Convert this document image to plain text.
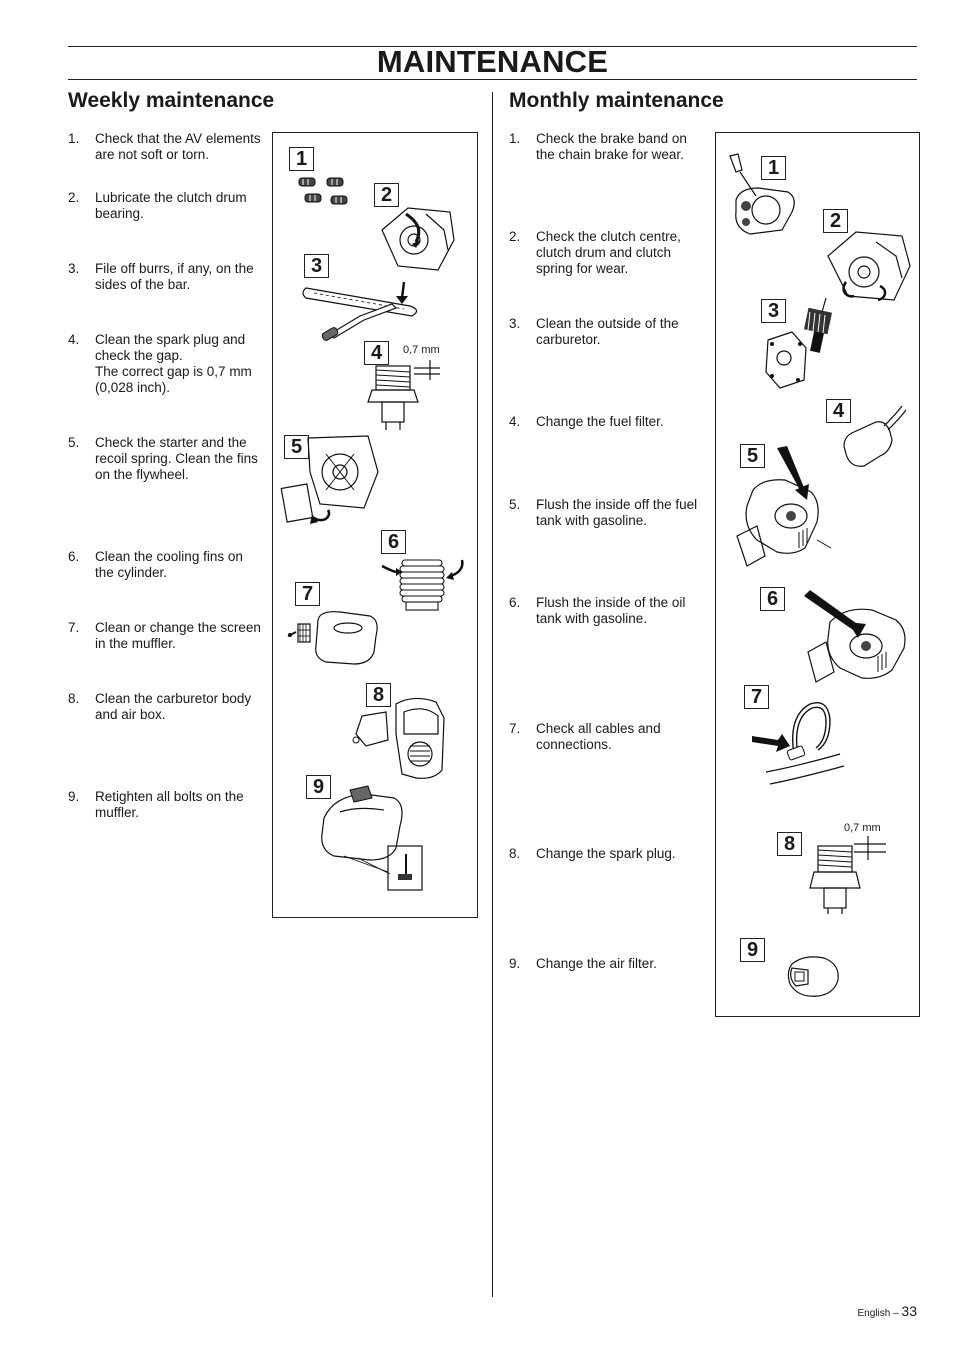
MAINTENANCE
Weekly maintenance
1. Check that the AV elements are not soft or torn.
2. Lubricate the clutch drum bearing.
3. File off burrs, if any, on the sides of the bar.
4. Clean the spark plug and check the gap.
The correct gap is 0,7 mm (0,028 inch).
5. Check the starter and the recoil spring. Clean the fins on the flywheel.
6. Clean the cooling fins on the cylinder.
7. Clean or change the screen in the muffler.
8. Clean the carburetor body and air box.
9. Retighten all bolts on the muffler.
1
2
3
4
5
6
7
8
9
0,7 mm
Monthly maintenance
1. Check the brake band on the chain brake for wear.
2. Check the clutch centre, clutch drum and clutch spring for wear.
3. Clean the outside of the carburetor.
4. Change the fuel filter.
5. Flush the inside off the fuel tank with gasoline.
6. Flush the inside of the oil tank with gasoline.
7. Check all cables and connections.
8. Change the spark plug.
9. Change the air filter.
1
2
3
4
5
6
7
8
9
0,7 mm
English – 33
